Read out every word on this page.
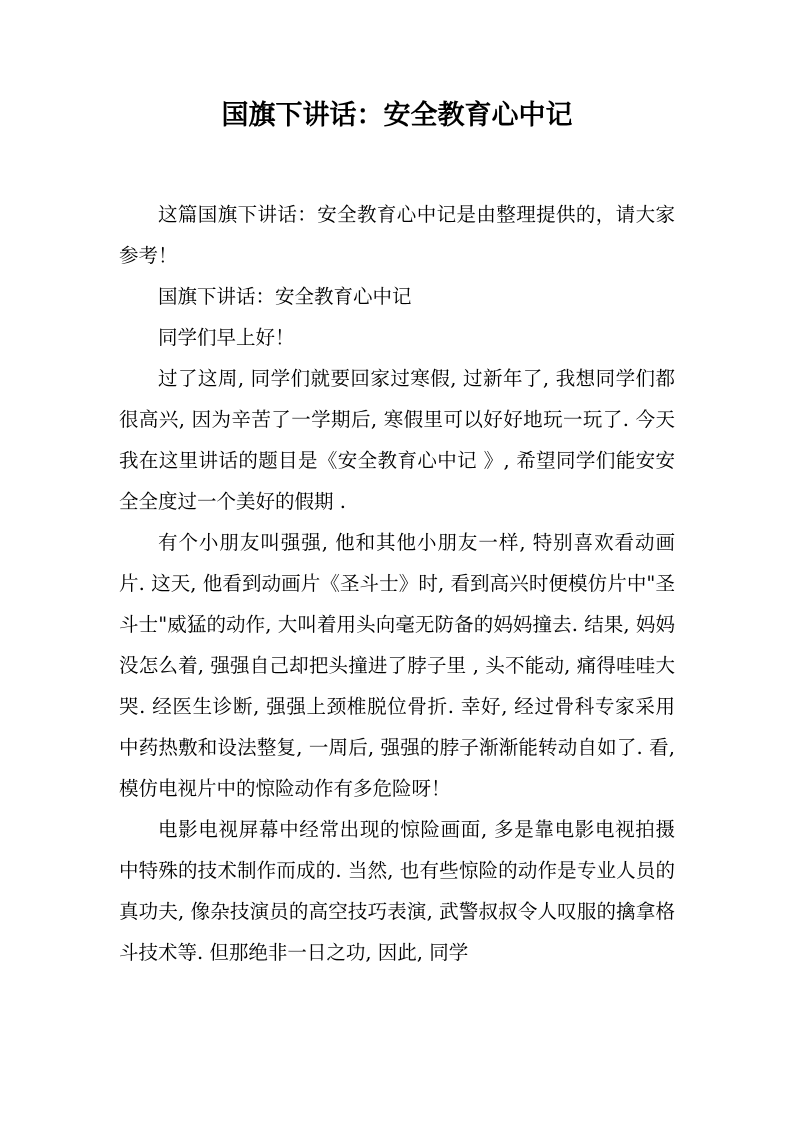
国旗下讲话：安全教育心中记

这篇国旗下讲话：安全教育心中记是由整理提供的，请大家参考！

国旗下讲话：安全教育心中记

同学们早上好！

过了这周, 同学们就要回家过寒假, 过新年了, 我想同学们都很高兴, 因为辛苦了一学期后, 寒假里可以好好地玩一玩了. 今天我在这里讲话的题目是《安全教育心中记 》, 希望同学们能安安全全度过一个美好的假期 .

有个小朋友叫强强, 他和其他小朋友一样, 特别喜欢看动画片. 这天, 他看到动画片《圣斗士》时, 看到高兴时便模仿片中"圣斗士"威猛的动作, 大叫着用头向毫无防备的妈妈撞去. 结果, 妈妈没怎么着, 强强自己却把头撞进了脖子里 , 头不能动, 痛得哇哇大哭. 经医生诊断, 强强上颈椎脱位骨折. 幸好, 经过骨科专家采用中药热敷和设法整复, 一周后, 强强的脖子渐渐能转动自如了. 看, 模仿电视片中的惊险动作有多危险呀！

电影电视屏幕中经常出现的惊险画面, 多是靠电影电视拍摄中特殊的技术制作而成的. 当然, 也有些惊险的动作是专业人员的真功夫, 像杂技演员的高空技巧表演, 武警叔叔令人叹服的擒拿格斗技术等. 但那绝非一日之功, 因此, 同学
